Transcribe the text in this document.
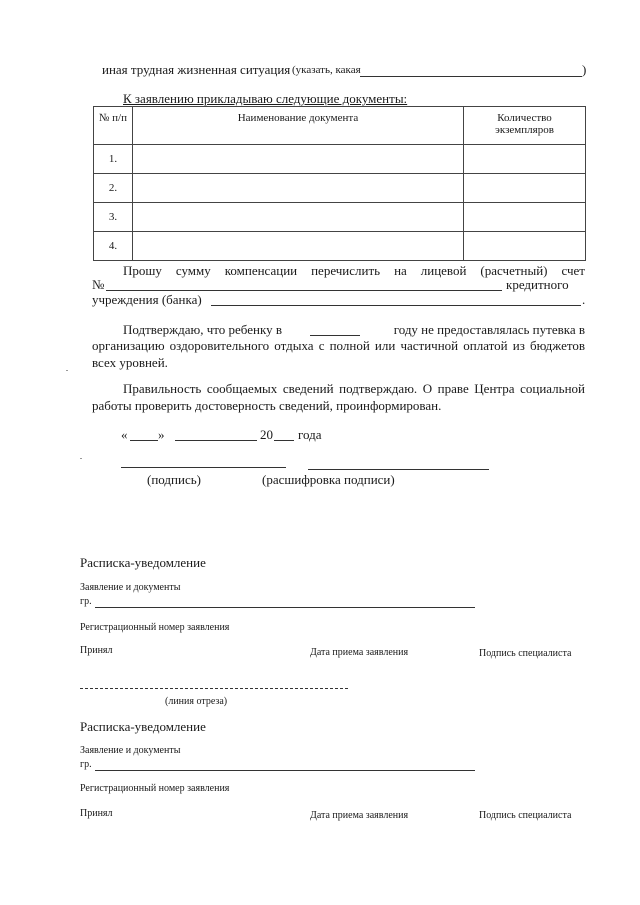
иная трудная жизненная ситуация (указать, какая	)
К заявлению прикладываю следующие документы:
№ п/п	Наименование документа	Количество экземпляров
1.		
2.		
3.		
4.		
Прошу сумму компенсации перечислить на лицевой (расчетный) счет
№	кредитного
учреждения (банка)	.
Подтверждаю, что ребенку в	году не предоставлялась путевка в
организацию оздоровительного отдыха с полной или частичной оплатой из бюджетов всех уровней.
Правильность сообщаемых сведений подтверждаю. О праве Центра социальной работы проверить достоверность сведений, проинформирован.
« »	20 года
(подпись)	(расшифровка подписи)
Расписка-уведомление
Заявление и документы
гр.
Регистрационный номер заявления
Принял	Дата приема заявления	Подпись специалиста
(линия отреза)
Расписка-уведомление
Заявление и документы
гр.
Регистрационный номер заявления
Принял	Дата приема заявления	Подпись специалиста
